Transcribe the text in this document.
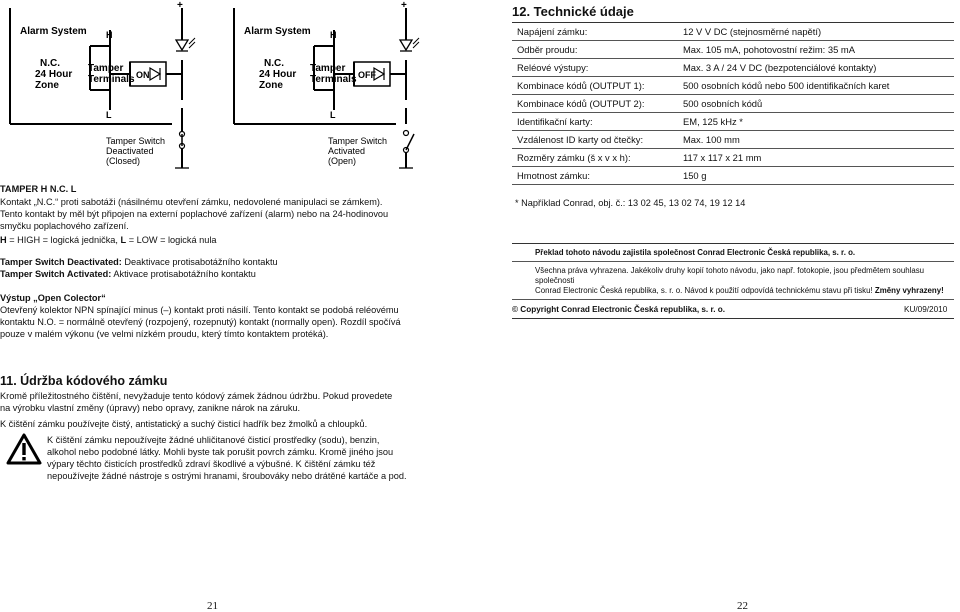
+	+
Alarm System
N.C.
24 Hour
Zone
Tamper
Terminals ON
H
L
Tamper Switch
Deactivated
(Closed)
Alarm System
N.C.
24 Hour
Zone
Tamper
Terminals OFF
H
L
Tamper Switch
Activated
(Open)
TAMPER H N.C. L
Kontakt „N.C.“ proti sabotáži (násilnému otevření zámku, nedovolené manipulaci se zámkem).
Tento kontakt by měl být připojen na externí poplachové zařízení (alarm) nebo na 24-hodinovou
smyčku poplachového zařízení.
H = HIGH = logická jednička, L = LOW = logická nula
Tamper Switch Deactivated: Deaktivace protisabotážního kontaktu
Tamper Switch Activated: Aktivace protisabotážního kontaktu
Výstup „Open Colector“
Otevřený kolektor NPN spínající minus (–) kontakt proti násilí. Tento kontakt se podobá reléovému
kontaktu N.O. = normálně otevřený (rozpojený, rozepnutý) kontakt (normally open). Rozdíl spočívá
pouze v malém výkonu (ve velmi nízkém proudu, který tímto kontaktem protéká).
11. Údržba kódového zámku
Kromě příležitostného čištění, nevyžaduje tento kódový zámek žádnou údržbu. Pokud provedete
na výrobku vlastní změny (úpravy) nebo opravy, zanikne nárok na záruku.
K čištění zámku používejte čistý, antistatický a suchý čisticí hadřík bez žmolků a chloupků.
K čištění zámku nepoužívejte žádné uhličitanové čisticí prostředky (sodu), benzin,
alkohol nebo podobné látky. Mohli byste tak porušit povrch zámku. Kromě jiného jsou
výpary těchto čisticích prostředků zdraví škodlivé a výbušné. K čištění zámku též
nepoužívejte žádné nástroje s ostrými hranami, šroubováky nebo drátěné kartáče a pod.
21
12. Technické údaje
Napájení zámku:	12 V V DC (stejnosměrné napětí)
Odběr proudu:	Max. 105 mA, pohotovostní režim: 35 mA
Reléové výstupy:	Max. 3 A / 24 V DC (bezpotenciálové kontakty)
Kombinace kódů (OUTPUT 1):	500 osobních kódů nebo 500 identifikačních karet
Kombinace kódů (OUTPUT 2):	500 osobních kódů
Identifikační karty:	EM, 125 kHz *
Vzdálenost ID karty od čtečky:	Max. 100 mm
Rozměry zámku (š x v x h):	117 x 117 x 21 mm
Hmotnost zámku:	150 g
* Například Conrad, obj. č.: 13 02 45, 13 02 74, 19 12 14
Překlad tohoto návodu zajistila společnost Conrad Electronic Česká republika, s. r. o.
Všechna práva vyhrazena. Jakékoliv druhy kopií tohoto návodu, jako např. fotokopie, jsou předmětem souhlasu
společnosti
Conrad Electronic Česká republika, s. r. o. Návod k použití odpovídá technickému stavu při tisku! Změny vyhrazeny!
© Copyright Conrad Electronic Česká republika, s. r. o.	KU/09/2010
22
